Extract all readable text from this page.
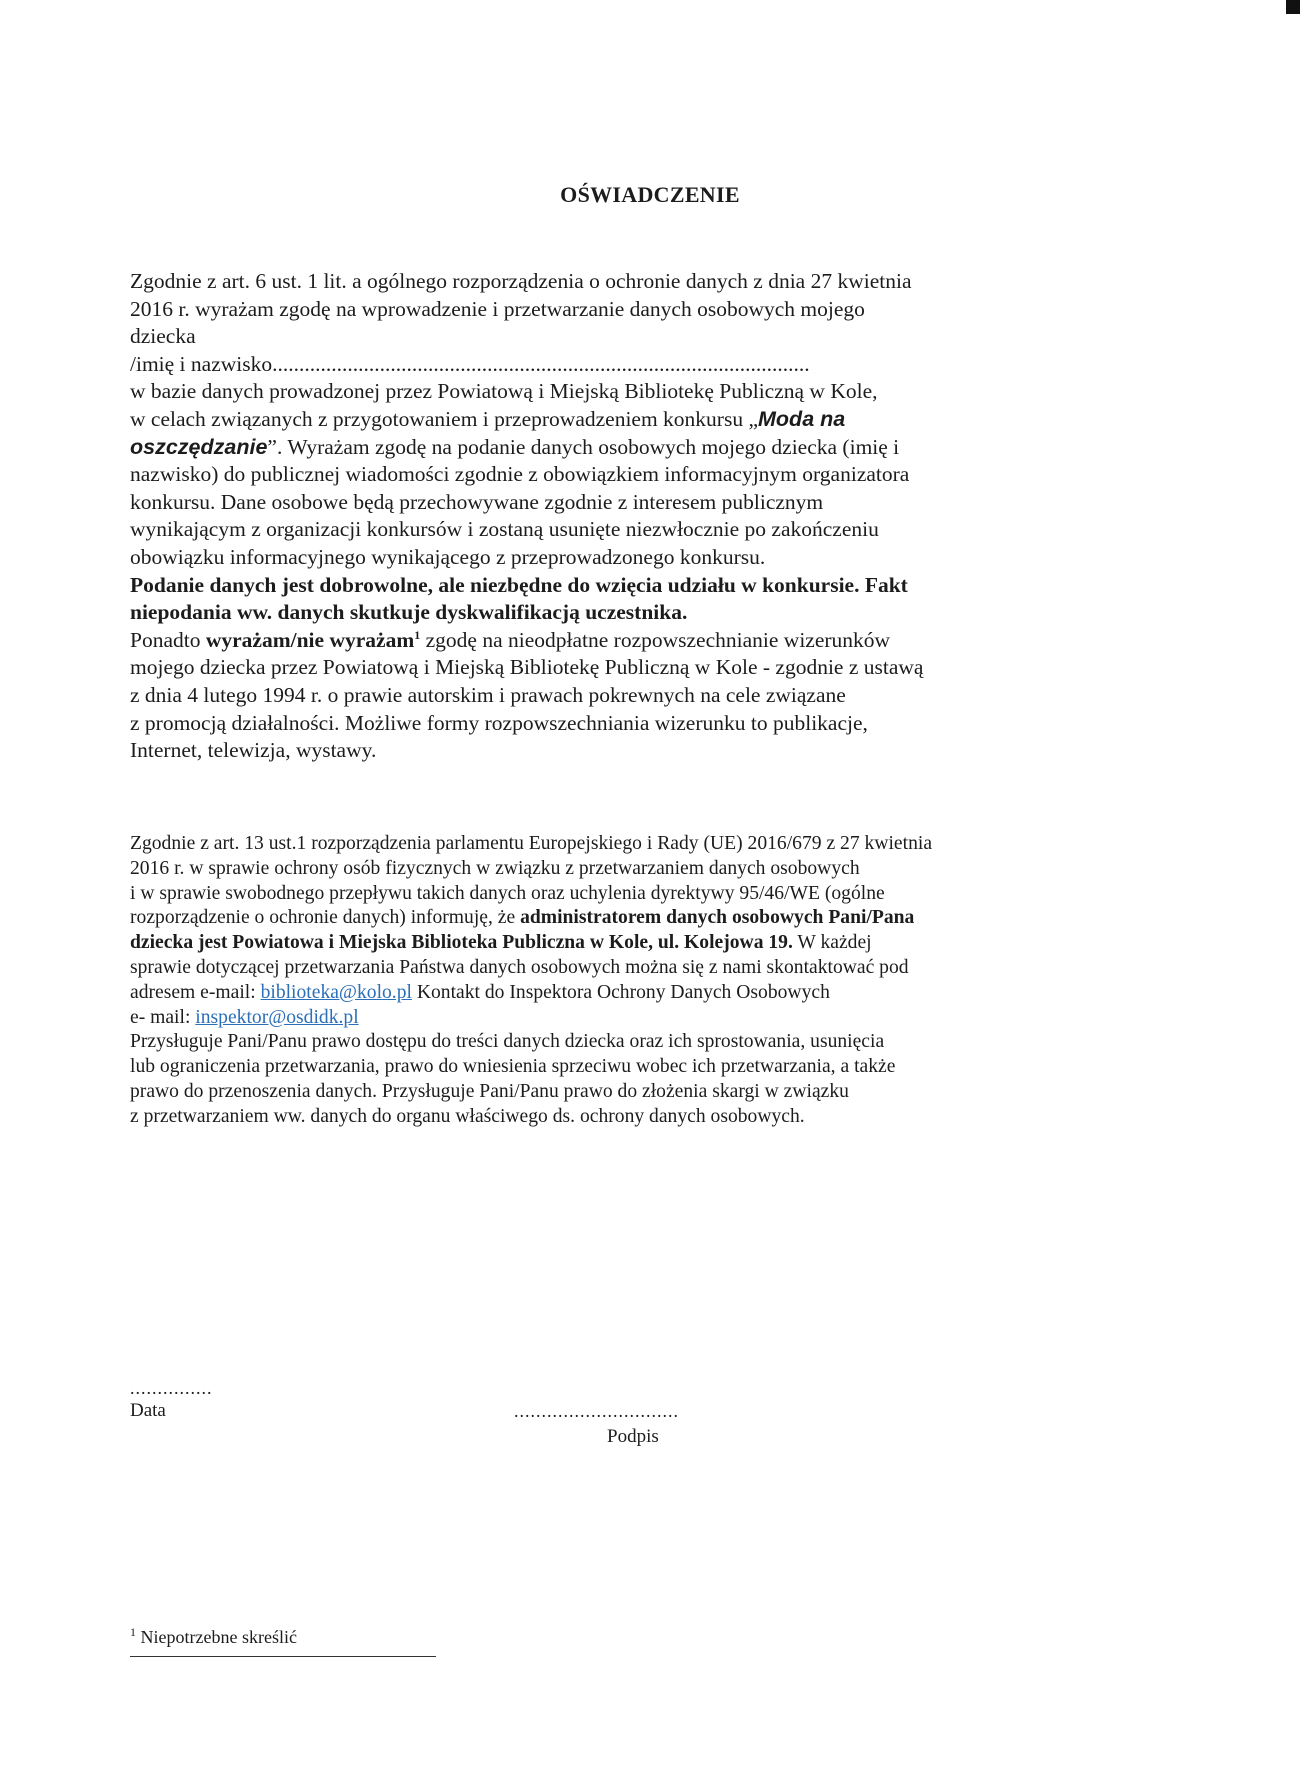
OŚWIADCZENIE

Zgodnie z art. 6 ust. 1 lit. a ogólnego rozporządzenia o ochronie danych z dnia 27 kwietnia

2016 r. wyrażam zgodę na wprowadzenie i przetwarzanie danych osobowych mojego

dziecka

/imię i nazwisko....................................................................................................

w bazie danych prowadzonej przez Powiatową i Miejską Bibliotekę Publiczną w Kole,

w celach związanych z przygotowaniem i przeprowadzeniem konkursu „Moda na

oszczędzanie”. Wyrażam zgodę na podanie danych osobowych mojego dziecka (imię i

nazwisko) do publicznej wiadomości zgodnie z obowiązkiem informacyjnym organizatora

konkursu. Dane osobowe będą przechowywane zgodnie z interesem publicznym

wynikającym z organizacji konkursów i zostaną usunięte niezwłocznie po zakończeniu

obowiązku informacyjnego wynikającego z przeprowadzonego konkursu.

Podanie danych jest dobrowolne, ale niezbędne do wzięcia udziału w konkursie. Fakt

niepodania ww. danych skutkuje dyskwalifikacją uczestnika.

Ponadto wyrażam/nie wyrażam$^1$ zgodę na nieodpłatne rozpowszechnianie wizerunków

mojego dziecka przez Powiatową i Miejską Bibliotekę Publiczną w Kole - zgodnie z ustawą

z dnia 4 lutego 1994 r. o prawie autorskim i prawach pokrewnych na cele związane

z promocją działalności. Możliwe formy rozpowszechniania wizerunku to publikacje,

Internet, telewizja, wystawy.

Zgodnie z art. 13 ust.1 rozporządzenia parlamentu Europejskiego i Rady (UE) 2016/679 z 27 kwietnia

2016 r. w sprawie ochrony osób fizycznych w związku z przetwarzaniem danych osobowych

i w sprawie swobodnego przepływu takich danych oraz uchylenia dyrektywy 95/46/WE (ogólne

rozporządzenie o ochronie danych) informuję, że administratorem danych osobowych Pani/Pana

dziecka jest Powiatowa i Miejska Biblioteka Publiczna w Kole, ul. Kolejowa 19. W każdej

sprawie dotyczącej przetwarzania Państwa danych osobowych można się z nami skontaktować pod

adresem e-mail: biblioteka@kolo.pl Kontakt do Inspektora Ochrony Danych Osobowych

e- mail: inspektor@osdidk.pl

Przysługuje Pani/Panu prawo dostępu do treści danych dziecka oraz ich sprostowania, usunięcia

lub ograniczenia przetwarzania, prawo do wniesienia sprzeciwu wobec ich przetwarzania, a także

prawo do przenoszenia danych. Przysługuje Pani/Panu prawo do złożenia skargi w związku

z przetwarzaniem ww. danych do organu właściwego ds. ochrony danych osobowych.

...............
Data	..............................
Podpis
$^1$ Niepotrzebne skreślić
